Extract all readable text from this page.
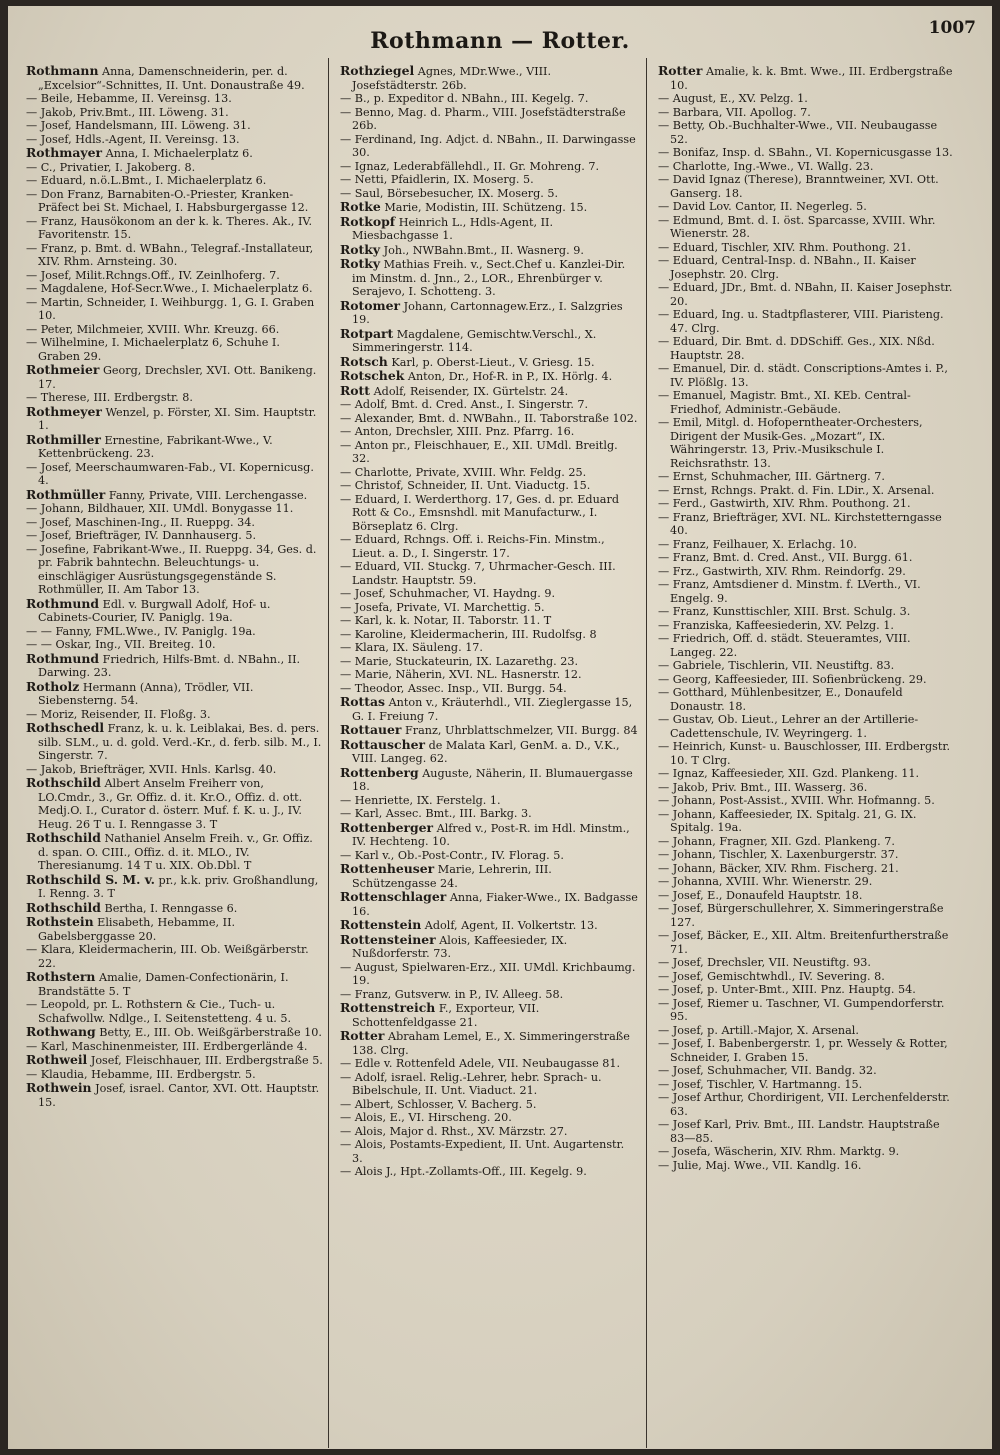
Rothmann — Rotter.	1007

Rothmann Anna, Damenschneiderin, per. d. „Excelsior“-Schnittes, II. Unt. Donaustraße 49.

— Beile, Hebamme, II. Vereinsg. 13.

— Jakob, Priv.Bmt., III. Löweng. 31.

— Josef, Handelsmann, III. Löweng. 31.

— Josef, Hdls.-Agent, II. Vereinsg. 13.

Rothmayer Anna, I. Michaelerplatz 6.

— C., Privatier, I. Jakoberg. 8.

— Eduard, n.ö.L.Bmt., I. Michaelerplatz 6.

— Don Franz, Barnabiten-O.-Priester, Kranken-Präfect bei St. Michael, I. Habsburgergasse 12.

— Franz, Hausökonom an der k. k. Theres. Ak., IV. Favoritenstr. 15.

— Franz, p. Bmt. d. WBahn., Telegraf.-Installateur, XIV. Rhm. Arnsteing. 30.

— Josef, Milit.Rchngs.Off., IV. Zeinlhoferg. 7.

— Magdalene, Hof-Secr.Wwe., I. Michaelerplatz 6.

— Martin, Schneider, I. Weihburgg. 1, G. I. Graben 10.

— Peter, Milchmeier, XVIII. Whr. Kreuzg. 66.

— Wilhelmine, I. Michaelerplatz 6, Schuhe I. Graben 29.

Rothmeier Georg, Drechsler, XVI. Ott. Banikeng. 17.

— Therese, III. Erdbergstr. 8.

Rothmeyer Wenzel, p. Förster, XI. Sim. Hauptstr. 1.

Rothmiller Ernestine, Fabrikant-Wwe., V. Kettenbrückeng. 23.

— Josef, Meerschaumwaren-Fab., VI. Kopernicusg. 4.

Rothmüller Fanny, Private, VIII. Lerchengasse.

— Johann, Bildhauer, XII. UMdl. Bonygasse 11.

— Josef, Maschinen-Ing., II. Rueppg. 34.

— Josef, Briefträger, IV. Dannhauserg. 5.

— Josefine, Fabrikant-Wwe., II. Rueppg. 34, Ges. d. pr. Fabrik bahntechn. Beleuchtungs- u. einschlägiger Ausrüstungsgegenstände S. Rothmüller, II. Am Tabor 13.

Rothmund Edl. v. Burgwall Adolf, Hof- u. Cabinets-Courier, IV. Paniglg. 19a.

— — Fanny, FML.Wwe., IV. Paniglg. 19a.

— — Oskar, Ing., VII. Breiteg. 10.

Rothmund Friedrich, Hilfs-Bmt. d. NBahn., II. Darwing. 23.

Rotholz Hermann (Anna), Trödler, VII. Siebensterng. 54.

— Moriz, Reisender, II. Floßg. 3.

Rothschedl Franz, k. u. k. Leiblakai, Bes. d. pers. silb. SLM., u. d. gold. Verd.-Kr., d. ferb. silb. M., I. Singerstr. 7.

— Jakob, Briefträger, XVII. Hnls. Karlsg. 40.

Rothschild Albert Anselm Freiherr von, LO.Cmdr., 3., Gr. Offiz. d. it. Kr.O., Offiz. d. ott. Medj.O. I., Curator d. österr. Muf. f. K. u. J., IV. Heug. 26 T u. I. Renngasse 3. T

Rothschild Nathaniel Anselm Freih. v., Gr. Offiz. d. span. O. CIII., Offiz. d. it. MLO., IV. Theresianumg. 14 T u. XIX. Ob.Dbl. T

Rothschild S. M. v. pr., k.k. priv. Großhandlung, I. Renng. 3. T

Rothschild Bertha, I. Renngasse 6.

Rothstein Elisabeth, Hebamme, II. Gabelsberggasse 20.

— Klara, Kleidermacherin, III. Ob. Weißgärberstr. 22.

Rothstern Amalie, Damen-Confectionärin, I. Brandstätte 5. T

— Leopold, pr. L. Rothstern & Cie., Tuch- u. Schafwollw. Ndlge., I. Seitenstetteng. 4 u. 5.

Rothwang Betty, E., III. Ob. Weißgärberstraße 10.

— Karl, Maschinenmeister, III. Erdbergerlände 4.

Rothweil Josef, Fleischhauer, III. Erdbergstraße 5.

— Klaudia, Hebamme, III. Erdbergstr. 5.

Rothwein Josef, israel. Cantor, XVI. Ott. Hauptstr. 15.

Rothziegel Agnes, MDr.Wwe., VIII. Josefstädterstr. 26b.

— B., p. Expeditor d. NBahn., III. Kegelg. 7.

— Benno, Mag. d. Pharm., VIII. Josefstädterstraße 26b.

— Ferdinand, Ing. Adjct. d. NBahn., II. Darwingasse 30.

— Ignaz, Lederabfällehdl., II. Gr. Mohreng. 7.

— Netti, Pfaidlerin, IX. Moserg. 5.

— Saul, Börsebesucher, IX. Moserg. 5.

Rotke Marie, Modistin, III. Schützeng. 15.

Rotkopf Heinrich L., Hdls-Agent, II. Miesbachgasse 1.

Rotky Joh., NWBahn.Bmt., II. Wasnerg. 9.

Rotky Mathias Freih. v., Sect.Chef u. Kanzlei-Dir. im Minstm. d. Jnn., 2., LOR., Ehrenbürger v. Serajevo, I. Schotteng. 3.

Rotomer Johann, Cartonnagew.Erz., I. Salzgries 19.

Rotpart Magdalene, Gemischtw.Verschl., X. Simmeringerstr. 114.

Rotsch Karl, p. Oberst-Lieut., V. Griesg. 15.

Rotschek Anton, Dr., Hof-R. in P., IX. Hörlg. 4.

Rott Adolf, Reisender, IX. Gürtelstr. 24.

— Adolf, Bmt. d. Cred. Anst., I. Singerstr. 7.

— Alexander, Bmt. d. NWBahn., II. Taborstraße 102.

— Anton, Drechsler, XIII. Pnz. Pfarrg. 16.

— Anton pr., Fleischhauer, E., XII. UMdl. Breitlg. 32.

— Charlotte, Private, XVIII. Whr. Feldg. 25.

— Christof, Schneider, II. Unt. Viaductg. 15.

— Eduard, I. Werderthorg. 17, Ges. d. pr. Eduard Rott & Co., Emsnshdl. mit Manufacturw., I. Börseplatz 6. Clrg.

— Eduard, Rchngs. Off. i. Reichs-Fin. Minstm., Lieut. a. D., I. Singerstr. 17.

— Eduard, VII. Stuckg. 7, Uhrmacher-Gesch. III. Landstr. Hauptstr. 59.

— Josef, Schuhmacher, VI. Haydng. 9.

— Josefa, Private, VI. Marchettig. 5.

— Karl, k. k. Notar, II. Taborstr. 11. T

— Karoline, Kleidermacherin, III. Rudolfsg. 8

— Klara, IX. Säuleng. 17.

— Marie, Stuckateurin, IX. Lazarethg. 23.

— Marie, Näherin, XVI. NL. Hasnerstr. 12.

— Theodor, Assec. Insp., VII. Burgg. 54.

Rottas Anton v., Kräuterhdl., VII. Zieglergasse 15, G. I. Freiung 7.

Rottauer Franz, Uhrblattschmelzer, VII. Burgg. 84

Rottauscher de Malata Karl, GenM. a. D., V.K., VIII. Langeg. 62.

Rottenberg Auguste, Näherin, II. Blumauergasse 18.

— Henriette, IX. Ferstelg. 1.

— Karl, Assec. Bmt., III. Barkg. 3.

Rottenberger Alfred v., Post-R. im Hdl. Minstm., IV. Hechteng. 10.

— Karl v., Ob.-Post-Contr., IV. Florag. 5.

Rottenheuser Marie, Lehrerin, III. Schützengasse 24.

Rottenschlager Anna, Fiaker-Wwe., IX. Badgasse 16.

Rottenstein Adolf, Agent, II. Volkertstr. 13.

Rottensteiner Alois, Kaffeesieder, IX. Nußdorferstr. 73.

— August, Spielwaren-Erz., XII. UMdl. Krichbaumg. 19.

— Franz, Gutsverw. in P., IV. Alleeg. 58.

Rottenstreich F., Exporteur, VII. Schottenfeldgasse 21.

Rotter Abraham Lemel, E., X. Simmeringerstraße 138. Clrg.

— Edle v. Rottenfeld Adele, VII. Neubaugasse 81.

— Adolf, israel. Relig.-Lehrer, hebr. Sprach- u. Bibelschule, II. Unt. Viaduct. 21.

— Albert, Schlosser, V. Bacherg. 5.

— Alois, E., VI. Hirscheng. 20.

— Alois, Major d. Rhst., XV. Märzstr. 27.

— Alois, Postamts-Expedient, II. Unt. Augartenstr. 3.

— Alois J., Hpt.-Zollamts-Off., III. Kegelg. 9.

Rotter Amalie, k. k. Bmt. Wwe., III. Erdbergstraße 10.

— August, E., XV. Pelzg. 1.

— Barbara, VII. Apollog. 7.

— Betty, Ob.-Buchhalter-Wwe., VII. Neubaugasse 52.

— Bonifaz, Insp. d. SBahn., VI. Kopernicusgasse 13.

— Charlotte, Ing.-Wwe., VI. Wallg. 23.

— David Ignaz (Therese), Branntweiner, XVI. Ott. Ganserg. 18.

— David Lov. Cantor, II. Negerleg. 5.

— Edmund, Bmt. d. I. öst. Sparcasse, XVIII. Whr. Wienerstr. 28.

— Eduard, Tischler, XIV. Rhm. Pouthong. 21.

— Eduard, Central-Insp. d. NBahn., II. Kaiser Josephstr. 20. Clrg.

— Eduard, JDr., Bmt. d. NBahn, II. Kaiser Josephstr. 20.

— Eduard, Ing. u. Stadtpflasterer, VIII. Piaristeng. 47. Clrg.

— Eduard, Dir. Bmt. d. DDSchiff. Ges., XIX. Nßd. Hauptstr. 28.

— Emanuel, Dir. d. städt. Conscriptions-Amtes i. P., IV. Plößlg. 13.

— Emanuel, Magistr. Bmt., XI. KEb. Central-Friedhof, Administr.-Gebäude.

— Emil, Mitgl. d. Hofoperntheater-Orchesters, Dirigent der Musik-Ges. „Mozart“, IX. Währingerstr. 13, Priv.-Musikschule I. Reichsrathstr. 13.

— Ernst, Schuhmacher, III. Gärtnerg. 7.

— Ernst, Rchngs. Prakt. d. Fin. LDir., X. Arsenal.

— Ferd., Gastwirth, XIV. Rhm. Pouthong. 21.

— Franz, Briefträger, XVI. NL. Kirchstetterngasse 40.

— Franz, Feilhauer, X. Erlachg. 10.

— Franz, Bmt. d. Cred. Anst., VII. Burgg. 61.

— Frz., Gastwirth, XIV. Rhm. Reindorfg. 29.

— Franz, Amtsdiener d. Minstm. f. LVerth., VI. Engelg. 9.

— Franz, Kunsttischler, XIII. Brst. Schulg. 3.

— Franziska, Kaffeesiederin, XV. Pelzg. 1.

— Friedrich, Off. d. städt. Steueramtes, VIII. Langeg. 22.

— Gabriele, Tischlerin, VII. Neustiftg. 83.

— Georg, Kaffeesieder, III. Sofienbrückeng. 29.

— Gotthard, Mühlenbesitzer, E., Donaufeld Donaustr. 18.

— Gustav, Ob. Lieut., Lehrer an der Artillerie-Cadettenschule, IV. Weyringerg. 1.

— Heinrich, Kunst- u. Bauschlosser, III. Erdbergstr. 10. T Clrg.

— Ignaz, Kaffeesieder, XII. Gzd. Plankeng. 11.

— Jakob, Priv. Bmt., III. Wasserg. 36.

— Johann, Post-Assist., XVIII. Whr. Hofmanng. 5.

— Johann, Kaffeesieder, IX. Spitalg. 21, G. IX. Spitalg. 19a.

— Johann, Fragner, XII. Gzd. Plankeng. 7.

— Johann, Tischler, X. Laxenburgerstr. 37.

— Johann, Bäcker, XIV. Rhm. Fischerg. 21.

— Johanna, XVIII. Whr. Wienerstr. 29.

— Josef, E., Donaufeld Hauptstr. 18.

— Josef, Bürgerschullehrer, X. Simmeringerstraße 127.

— Josef, Bäcker, E., XII. Altm. Breitenfurtherstraße 71.

— Josef, Drechsler, VII. Neustiftg. 93.

— Josef, Gemischtwhdl., IV. Severing. 8.

— Josef, p. Unter-Bmt., XIII. Pnz. Hauptg. 54.

— Josef, Riemer u. Taschner, VI. Gumpendorferstr. 95.

— Josef, p. Artill.-Major, X. Arsenal.

— Josef, I. Babenbergerstr. 1, pr. Wessely & Rotter, Schneider, I. Graben 15.

— Josef, Schuhmacher, VII. Bandg. 32.

— Josef, Tischler, V. Hartmanng. 15.

— Josef Arthur, Chordirigent, VII. Lerchenfelderstr. 63.

— Josef Karl, Priv. Bmt., III. Landstr. Hauptstraße 83—85.

— Josefa, Wäscherin, XIV. Rhm. Marktg. 9.

— Julie, Maj. Wwe., VII. Kandlg. 16.
